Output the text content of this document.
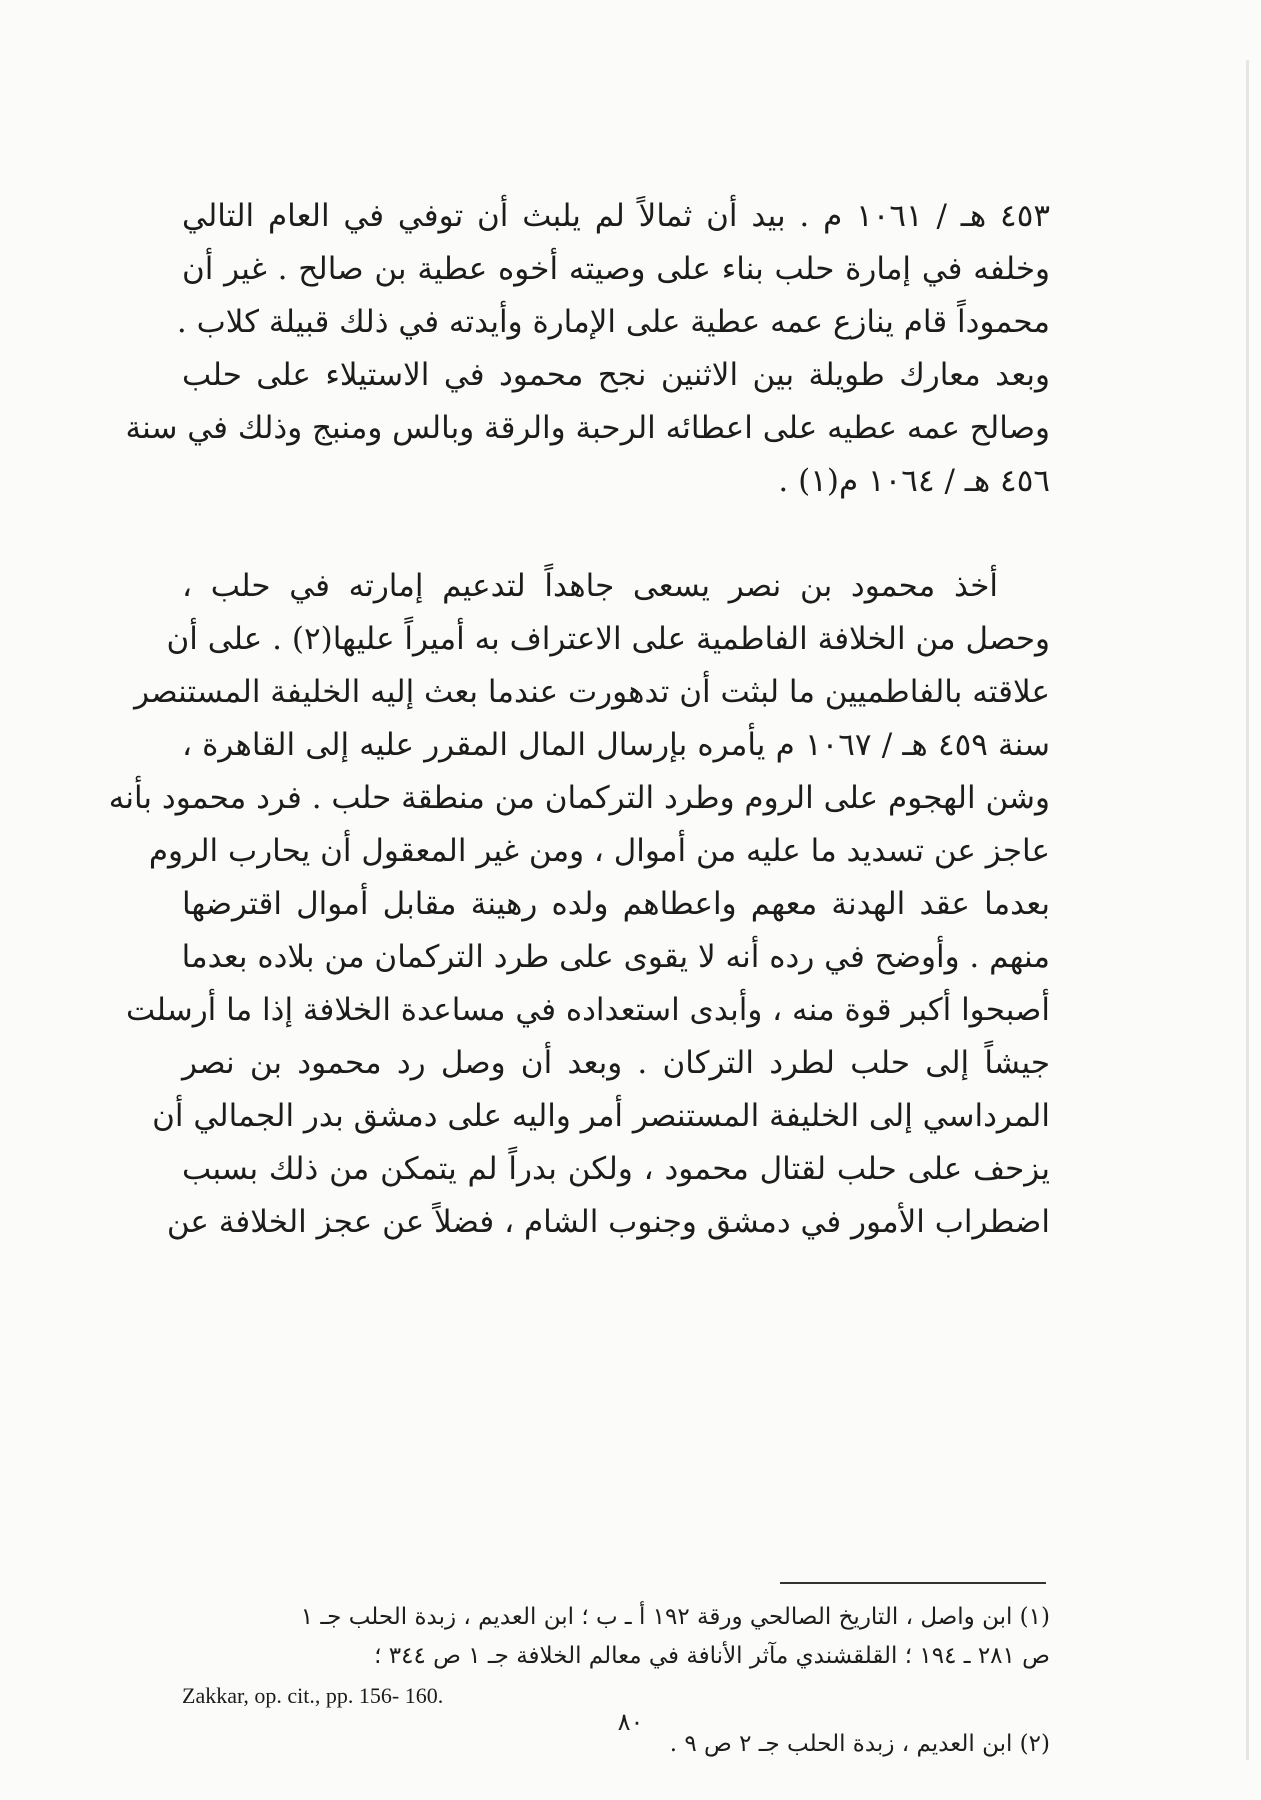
٤٥٣ هـ / ١٠٦١ م . بيد أن ثمالاً لم يلبث أن توفي في العام التالي
وخلفه في إمارة حلب بناء على وصيته أخوه عطية بن صالح . غير أن
محموداً قام ينازع عمه عطية على الإمارة وأيدته في ذلك قبيلة كلاب .
وبعد معارك طويلة بين الاثنين نجح محمود في الاستيلاء على حلب
وصالح عمه عطيه على اعطائه الرحبة والرقة وبالس ومنبج وذلك في سنة
٤٥٦ هـ / ١٠٦٤ م(١) .
أخذ محمود بن نصر يسعى جاهداً لتدعيم إمارته في حلب ،
وحصل من الخلافة الفاطمية على الاعتراف به أميراً عليها(٢) . على أن
علاقته بالفاطميين ما لبثت أن تدهورت عندما بعث إليه الخليفة المستنصر
سنة ٤٥٩ هـ / ١٠٦٧ م يأمره بإرسال المال المقرر عليه إلى القاهرة ،
وشن الهجوم على الروم وطرد التركمان من منطقة حلب . فرد محمود بأنه
عاجز عن تسديد ما عليه من أموال ، ومن غير المعقول أن يحارب الروم
بعدما عقد الهدنة معهم واعطاهم ولده رهينة مقابل أموال اقترضها
منهم . وأوضح في رده أنه لا يقوى على طرد التركمان من بلاده بعدما
أصبحوا أكبر قوة منه ، وأبدى استعداده في مساعدة الخلافة إذا ما أرسلت
جيشاً إلى حلب لطرد التركان . وبعد أن وصل رد محمود بن نصر
المرداسي إلى الخليفة المستنصر أمر واليه على دمشق بدر الجمالي أن
يزحف على حلب لقتال محمود ، ولكن بدراً لم يتمكن من ذلك بسبب
اضطراب الأمور في دمشق وجنوب الشام ، فضلاً عن عجز الخلافة عن
(١) ابن واصل ، التاريخ الصالحي ورقة ١٩٢ أ ـ ب ؛ ابن العديم ، زبدة الحلب جـ ١
ص ٢٨١ ـ ١٩٤ ؛ القلقشندي مآثر الأنافة في معالم الخلافة جـ ١ ص ٣٤٤ ؛
Zakkar, op. cit., pp. 156- 160.
(٢) ابن العديم ، زبدة الحلب جـ ٢ ص ٩ .
٨٠
